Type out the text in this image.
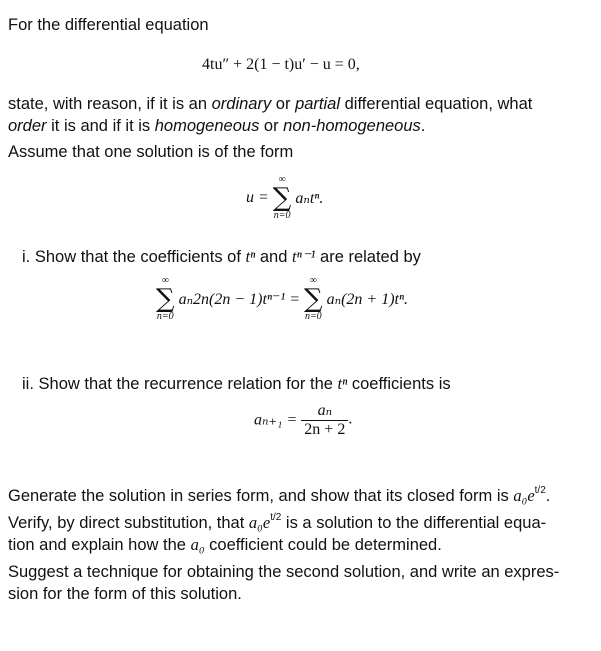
For the differential equation
4tu″ + 2(1 − t)u′ − u = 0,
state, with reason, if it is an ordinary or partial differential equation, what
order it is and if it is homogeneous or non-homogeneous.
Assume that one solution is of the form
u =
∞
∑
n=0
aₙtⁿ.
i. Show that the coefficients of tⁿ and tⁿ⁻¹ are related by
∞
∑
n=0
aₙ2n(2n − 1)tⁿ⁻¹ =
∞
∑
n=0
aₙ(2n + 1)tⁿ.
ii. Show that the recurrence relation for the tⁿ coefficients is
$a_{n+1} = \frac{\text{aₙ}}{2n + 2}$ .
Generate the solution in series form, and show that its closed form is $a_0e^{t/2}$.
Verify, by direct substitution, that $a_0e^{t/2}$ is a solution to the differential equa-
tion and explain how the a₀ coefficient could be determined.
Suggest a technique for obtaining the second solution, and write an expres-
sion for the form of this solution.
